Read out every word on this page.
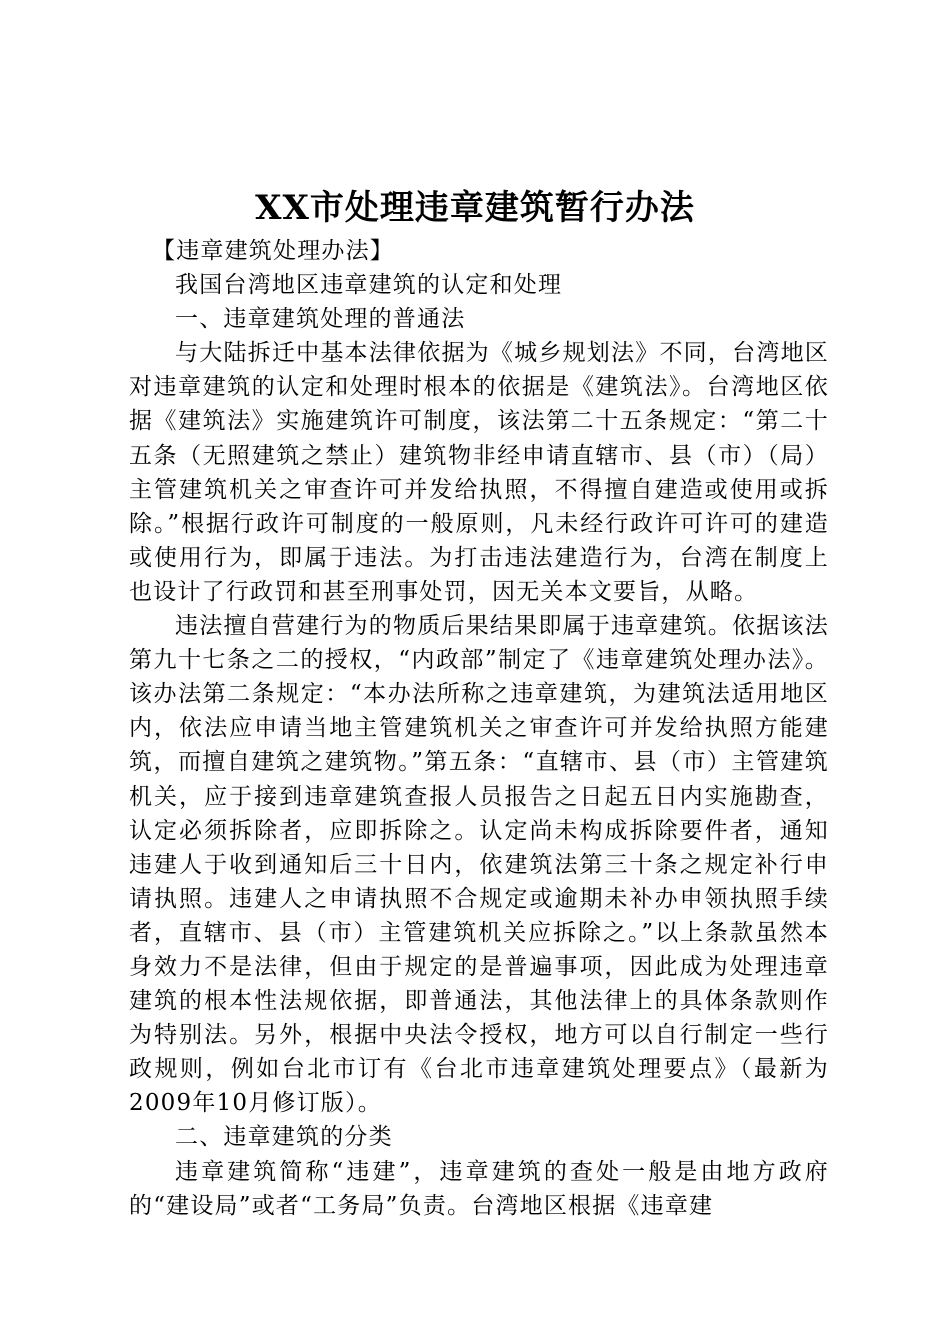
XX市处理违章建筑暂行办法

【违章建筑处理办法】

我国台湾地区违章建筑的认定和处理

一、违章建筑处理的普通法

与大陆拆迁中基本法律依据为《城乡规划法》不同，台湾地区对违章建筑的认定和处理时根本的依据是《建筑法》。台湾地区依据《建筑法》实施建筑许可制度，该法第二十五条规定：“第二十五条（无照建筑之禁止）建筑物非经申请直辖市、县（市）（局）主管建筑机关之审查许可并发给执照，不得擅自建造或使用或拆除。”根据行政许可制度的一般原则，凡未经行政许可许可的建造或使用行为，即属于违法。为打击违法建造行为，台湾在制度上也设计了行政罚和甚至刑事处罚，因无关本文要旨，从略。

违法擅自营建行为的物质后果结果即属于违章建筑。依据该法第九十七条之二的授权，“内政部”制定了《违章建筑处理办法》。该办法第二条规定：“本办法所称之违章建筑，为建筑法适用地区内，依法应申请当地主管建筑机关之审查许可并发给执照方能建筑，而擅自建筑之建筑物。”第五条：“直辖市、县（市）主管建筑机关，应于接到违章建筑查报人员报告之日起五日内实施勘查，认定必须拆除者，应即拆除之。认定尚未构成拆除要件者，通知违建人于收到通知后三十日内，依建筑法第三十条之规定补行申请执照。违建人之申请执照不合规定或逾期未补办申领执照手续者，直辖市、县（市）主管建筑机关应拆除之。”以上条款虽然本身效力不是法律，但由于规定的是普遍事项，因此成为处理违章建筑的根本性法规依据，即普通法，其他法律上的具体条款则作为特别法。另外，根据中央法令授权，地方可以自行制定一些行政规则，例如台北市订有《台北市违章建筑处理要点》（最新为2009年10月修订版）。

二、违章建筑的分类

违章建筑简称“违建”，违章建筑的查处一般是由地方政府的“建设局”或者“工务局”负责。台湾地区根据《违章建
